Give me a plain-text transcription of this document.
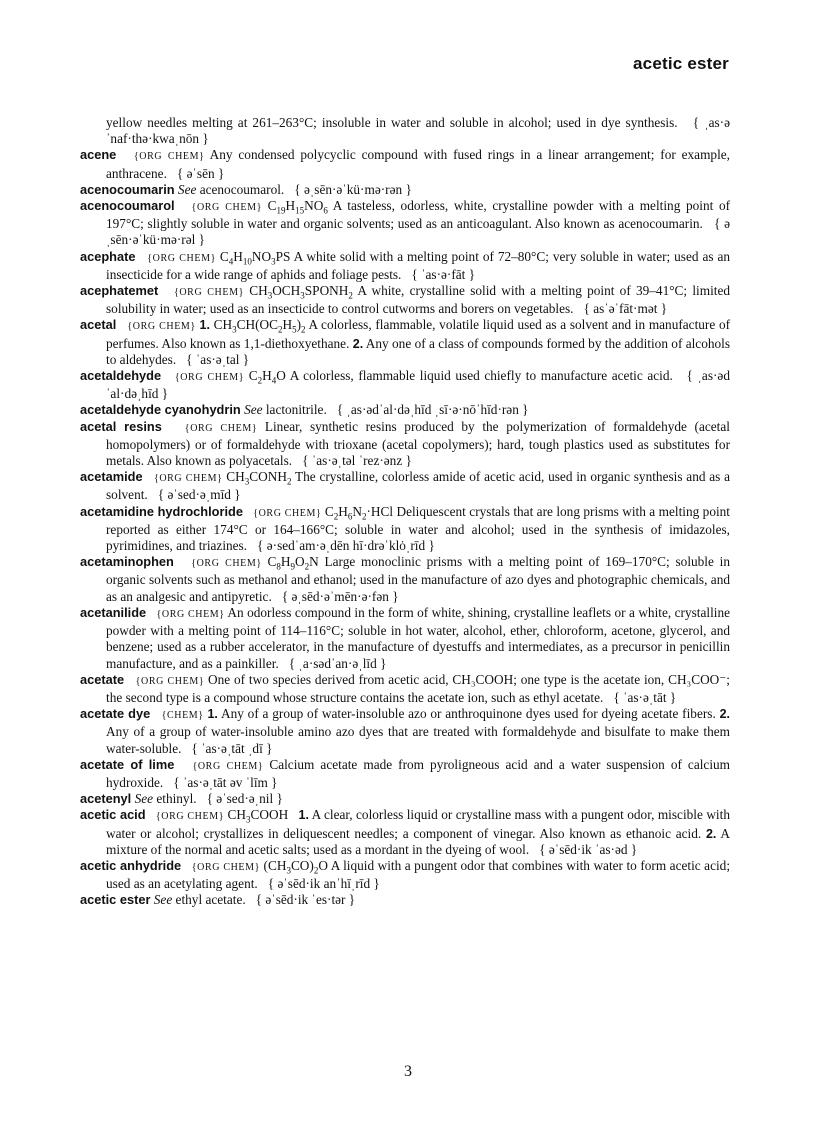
acetic ester

yellow needles melting at 261–263°C; insoluble in water and soluble in alcohol; used in dye synthesis. { ˌas·əˈnaf·thə·kwaˌnōn }

acene {ORG CHEM} Any condensed polycyclic compound with fused rings in a linear arrangement; for example, anthracene. { əˈsēn }

acenocoumarin See acenocoumarol. { əˌsēn·əˈkü·mə·rən }

acenocoumarol {ORG CHEM} $C_{19}H_{15}NO_6$ A tasteless, odorless, white, crystalline powder with a melting point of 197°C; slightly soluble in water and organic solvents; used as an anticoagulant. Also known as acenocoumarin. { əˌsēn·əˈkü·mə·rəl }

acephate {ORG CHEM} $C_4H_{10}NO_3PS$ A white solid with a melting point of 72–80°C; very soluble in water; used as an insecticide for a wide range of aphids and foliage pests. { ˈas·ə·fāt }

acephatemet {ORG CHEM} $CH_3OCH_3SPONH_2$ A white, crystalline solid with a melting point of 39–41°C; limited solubility in water; used as an insecticide to control cutworms and borers on vegetables. { asˈəˈfāt·mət }

acetal {ORG CHEM} 1. $CH_3CH(OC_2H_5)_2$ A colorless, flammable, volatile liquid used as a solvent and in manufacture of perfumes. Also known as 1,1-diethoxyethane. 2. Any one of a class of compounds formed by the addition of alcohols to aldehydes. { ˈas·əˌtal }

acetaldehyde {ORG CHEM} $C_2H_4O$ A colorless, flammable liquid used chiefly to manufacture acetic acid. { ˌas·ədˈal·dəˌhīd }

acetaldehyde cyanohydrin See lactonitrile. { ˌas·ədˈal·dəˌhīd ˌsī·ə·nōˈhīd·rən }

acetal resins {ORG CHEM} Linear, synthetic resins produced by the polymerization of formaldehyde (acetal homopolymers) or of formaldehyde with trioxane (acetal copolymers); hard, tough plastics used as substitutes for metals. Also known as polyacetals. { ˈas·əˌtəl ˈrez·ənz }

acetamide {ORG CHEM} $CH_3CONH_2$ The crystalline, colorless amide of acetic acid, used in organic synthesis and as a solvent. { əˈsed·əˌmīd }

acetamidine hydrochloride {ORG CHEM} $C_2H_6N_2\cdot HCl$ Deliquescent crystals that are long prisms with a melting point reported as either 174°C or 164–166°C; soluble in water and alcohol; used in the synthesis of imidazoles, pyrimidines, and triazines. { ə·sedˈam·əˌdēn hī·drəˈklȯˌrīd }

acetaminophen {ORG CHEM} $C_8H_9O_2N$ Large monoclinic prisms with a melting point of 169–170°C; soluble in organic solvents such as methanol and ethanol; used in the manufacture of azo dyes and photographic chemicals, and as an analgesic and antipyretic. { əˌsēd·əˈmēn·ə·fən }

acetanilide {ORG CHEM} An odorless compound in the form of white, shining, crystalline leaflets or a white, crystalline powder with a melting point of 114–116°C; soluble in hot water, alcohol, ether, chloroform, acetone, glycerol, and benzene; used as a rubber accelerator, in the manufacture of dyestuffs and intermediates, as a precursor in penicillin manufacture, and as a painkiller. { ˌa·sədˈan·əˌlīd }

acetate {ORG CHEM} One of two species derived from acetic acid, CH₃COOH; one type is the acetate ion, CH₃COO⁻; the second type is a compound whose structure contains the acetate ion, such as ethyl acetate. { ˈas·əˌtāt }

acetate dye {CHEM} 1. Any of a group of water-insoluble azo or anthroquinone dyes used for dyeing acetate fibers. 2. Any of a group of water-insoluble amino azo dyes that are treated with formaldehyde and bisulfate to make them water-soluble. { ˈas·əˌtāt ˌdī }

acetate of lime {ORG CHEM} Calcium acetate made from pyroligneous acid and a water suspension of calcium hydroxide. { ˈas·əˌtāt əv ˈlīm }

acetenyl See ethinyl. { əˈsed·əˌnil }

acetic acid {ORG CHEM} $CH_3COOH$ 1. A clear, colorless liquid or crystalline mass with a pungent odor, miscible with water or alcohol; crystallizes in deliquescent needles; a component of vinegar. Also known as ethanoic acid. 2. A mixture of the normal and acetic salts; used as a mordant in the dyeing of wool. { əˈsēd·ik ˈas·əd }

acetic anhydride {ORG CHEM} $(CH_3CO)_2O$ A liquid with a pungent odor that combines with water to form acetic acid; used as an acetylating agent. { əˈsēd·ik anˈhīˌrīd }

acetic ester See ethyl acetate. { əˈsēd·ik ˈes·tər }

3
